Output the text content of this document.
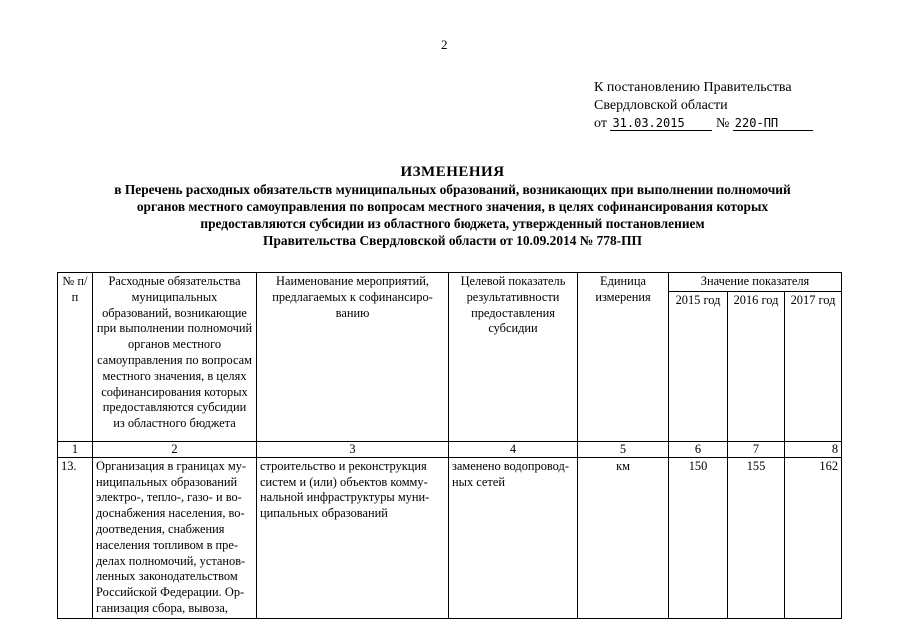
2
К постановлению Правительства
Свердловской области
от 31.03.2015 № 220-ПП
ИЗМЕНЕНИЯ
в Перечень расходных обязательств муниципальных образований, возникающих при выполнении полномочий
органов местного самоуправления по вопросам местного значения, в целях софинансирования которых
предоставляются субсидии из областного бюджета, утвержденный постановлением
Правительства Свердловской области от 10.09.2014 № 778-ПП
№ п/п	Расходные обязательства муниципальных образований, возникающие при выполнении полномочий органов местного самоуправления по вопросам местного значения, в целях софинансирования которых предоставляются субсидии из областного бюджета	Наименование мероприятий, предлагаемых к софинансиро-ванию	Целевой показатель результативности предоставления субсидии	Единица измерения	Значение показателя		
					2015 год	2016 год	2017 год
1	2	3	4	5	6	7	8
13.	Организация в границах му-ниципальных образований электро-, тепло-, газо- и во-доснабжения населения, во-доотведения, снабжения населения топливом в пре-делах полномочий, установ-ленных законодательством Российской Федерации. Ор-ганизация сбора, вывоза,	строительство и реконструкция систем и (или) объектов комму-нальной инфраструктуры муни-ципальных образований	заменено водопровод-ных сетей	км	150	155	162
